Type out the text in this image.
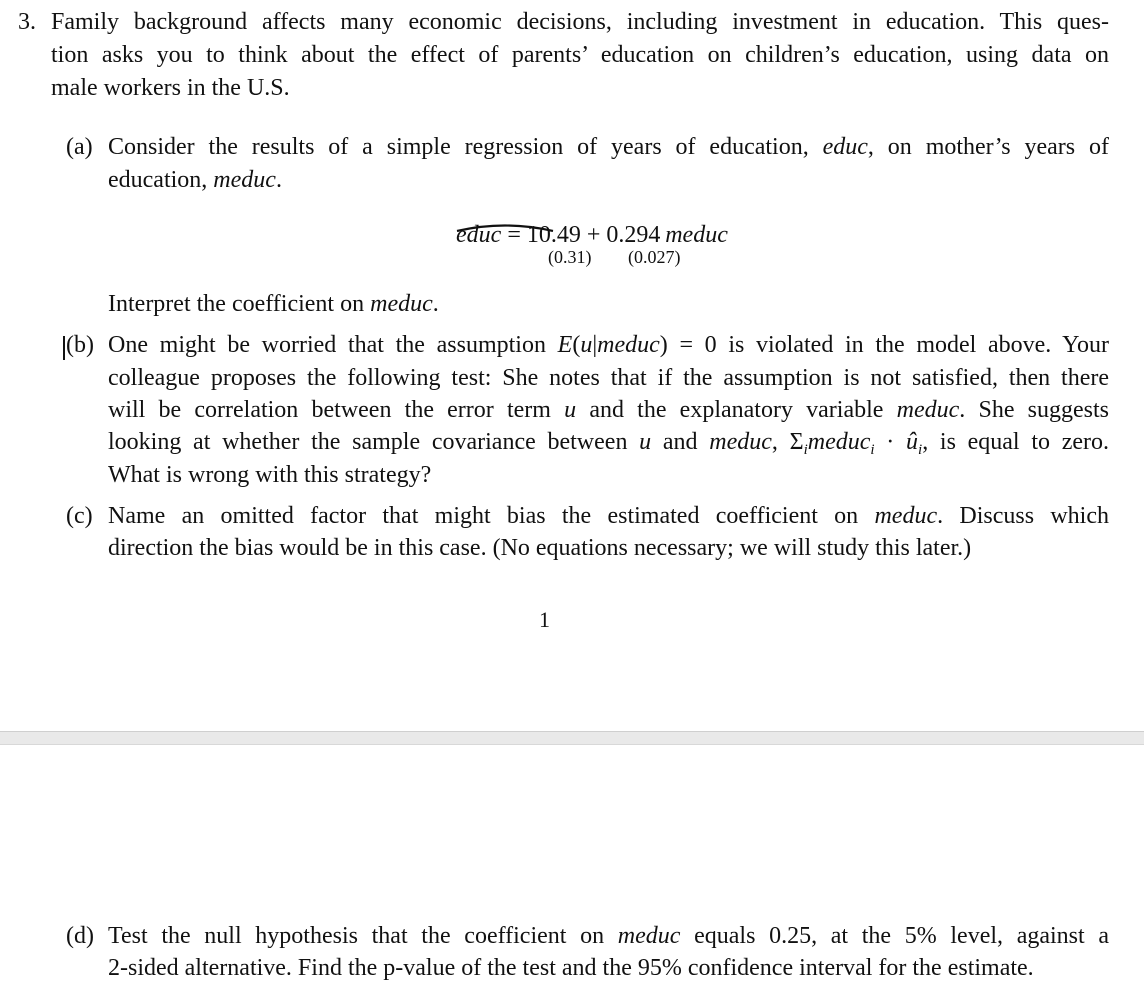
3. Family background affects many economic decisions, including investment in education. This ques-
tion asks you to think about the effect of parents’ education on children’s education, using data on
male workers in the U.S.
(a) Consider the results of a simple regression of years of education, educ, on mother’s years of
education, meduc.
educ = 10.49 + 0.294  meduc
(0.31) (0.027)
Interpret the coefficient on meduc.
(b) One might be worried that the assumption E(u|meduc) = 0 is violated in the model above. Your
colleague proposes the following test: She notes that if the assumption is not satisfied, then there
will be correlation between the error term u and the explanatory variable meduc. She suggests
looking at whether the sample covariance between u and meduc, $\Sigma_imeduc_i$ · $û_i$, is equal to zero.
What is wrong with this strategy?
(c) Name an omitted factor that might bias the estimated coefficient on meduc. Discuss which
direction the bias would be in this case. (No equations necessary; we will study this later.)
1
(d) Test the null hypothesis that the coefficient on meduc equals 0.25, at the 5% level, against a
2-sided alternative. Find the p-value of the test and the 95% confidence interval for the estimate.
